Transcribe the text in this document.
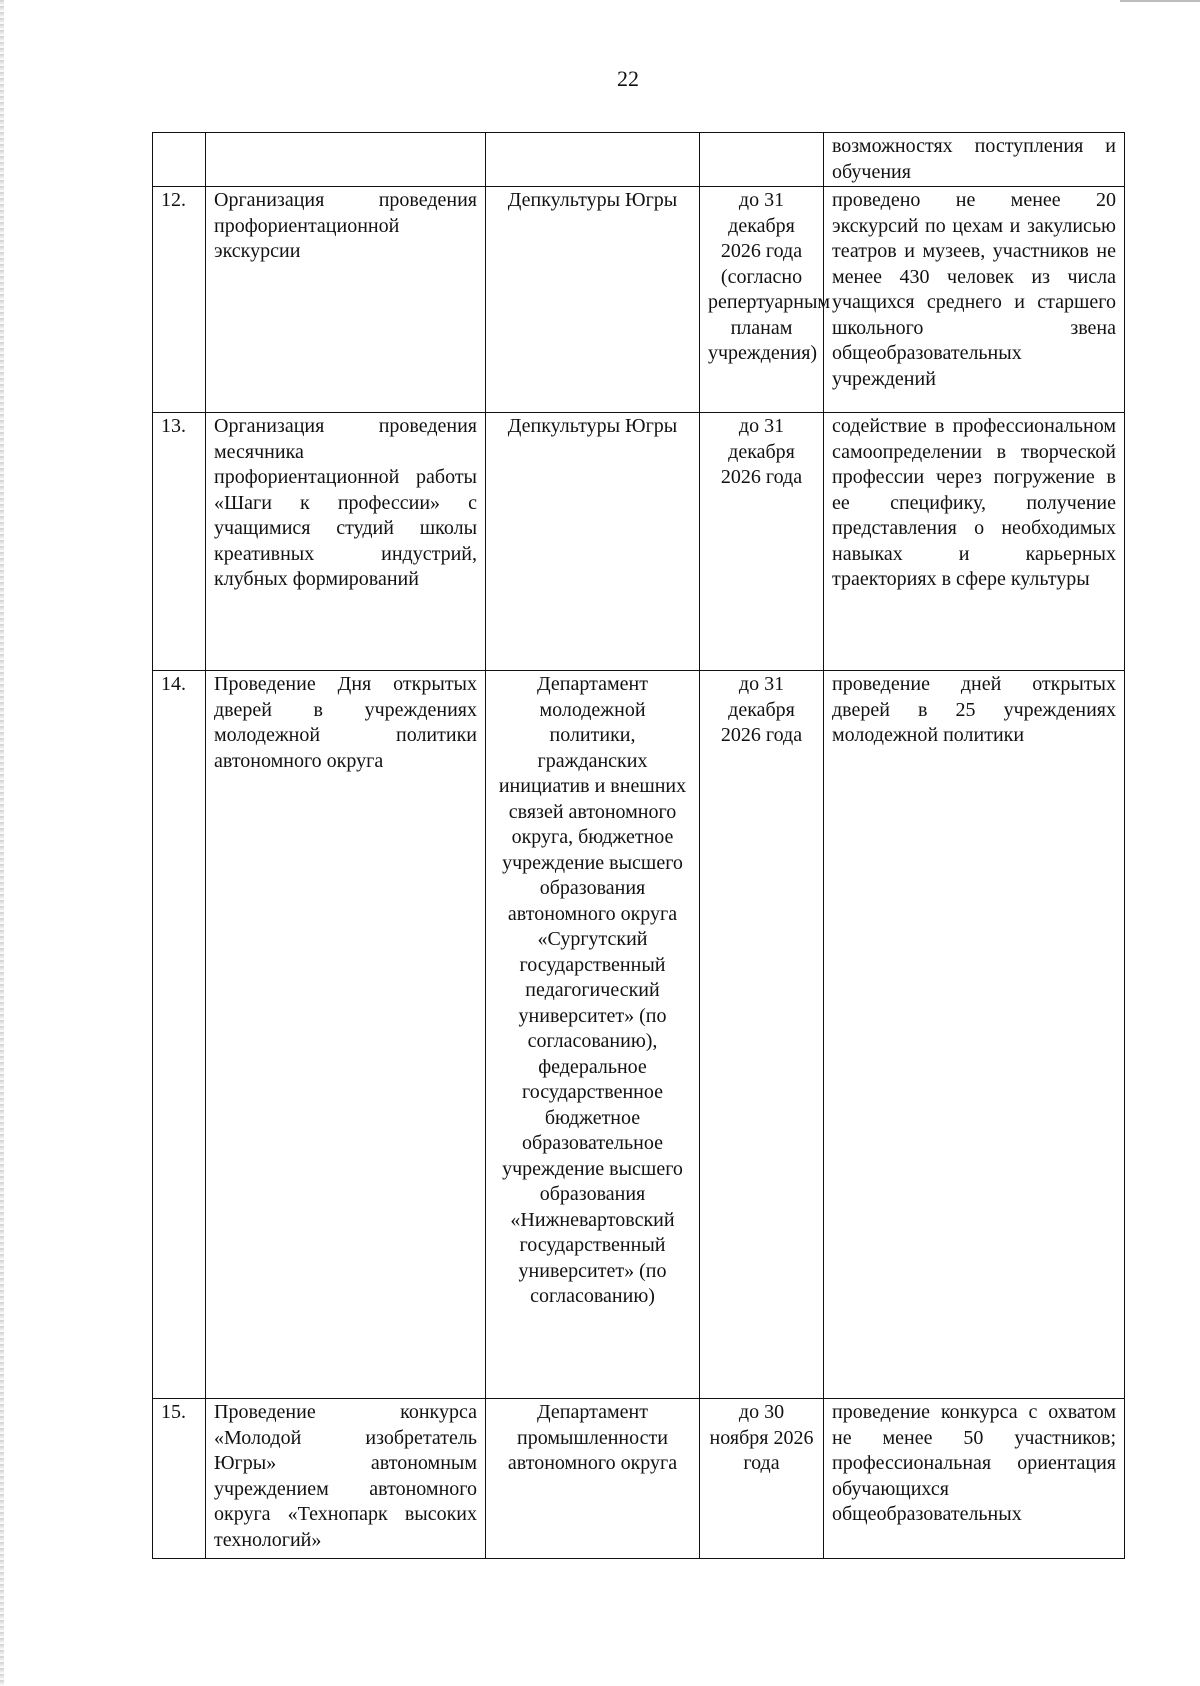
22
				возможностях поступления и обучения
12.	Организация проведения профориентационной экскурсии	Депкультуры Югры	до 31 декабря 2026 года (согласно репертуарным планам учреждения)	проведено не менее 20 экскурсий по цехам и закулисью театров и музеев, участников не менее 430 человек из числа учащихся среднего и старшего школьного звена общеобразовательных учреждений
13.	Организация проведения месячника профориентационной работы «Шаги к профессии» с учащимися студий школы креативных индустрий, клубных формирований	Депкультуры Югры	до 31 декабря 2026 года	содействие в профессиональном самоопределении в творческой профессии через погружение в ее специфику, получение представления о необходимых навыках и карьерных траекториях в сфере культуры
14.	Проведение Дня открытых дверей в учреждениях молодежной политики автономного округа	Департамент молодежной политики, гражданских инициатив и внешних связей автономного округа, бюджетное учреждение высшего образования автономного округа «Сургутский государственный педагогический университет» (по согласованию), федеральное государственное бюджетное образовательное учреждение высшего образования «Нижневартовский государственный университет» (по согласованию)	до 31 декабря 2026 года	проведение дней открытых дверей в 25 учреждениях молодежной политики
15.	Проведение конкурса «Молодой изобретатель Югры» автономным учреждением автономного округа «Технопарк высоких технологий»	Департамент промышленности автономного округа	до 30 ноября 2026 года	проведение конкурса с охватом не менее 50 участников; профессиональная ориентация обучающихся общеобразовательных
